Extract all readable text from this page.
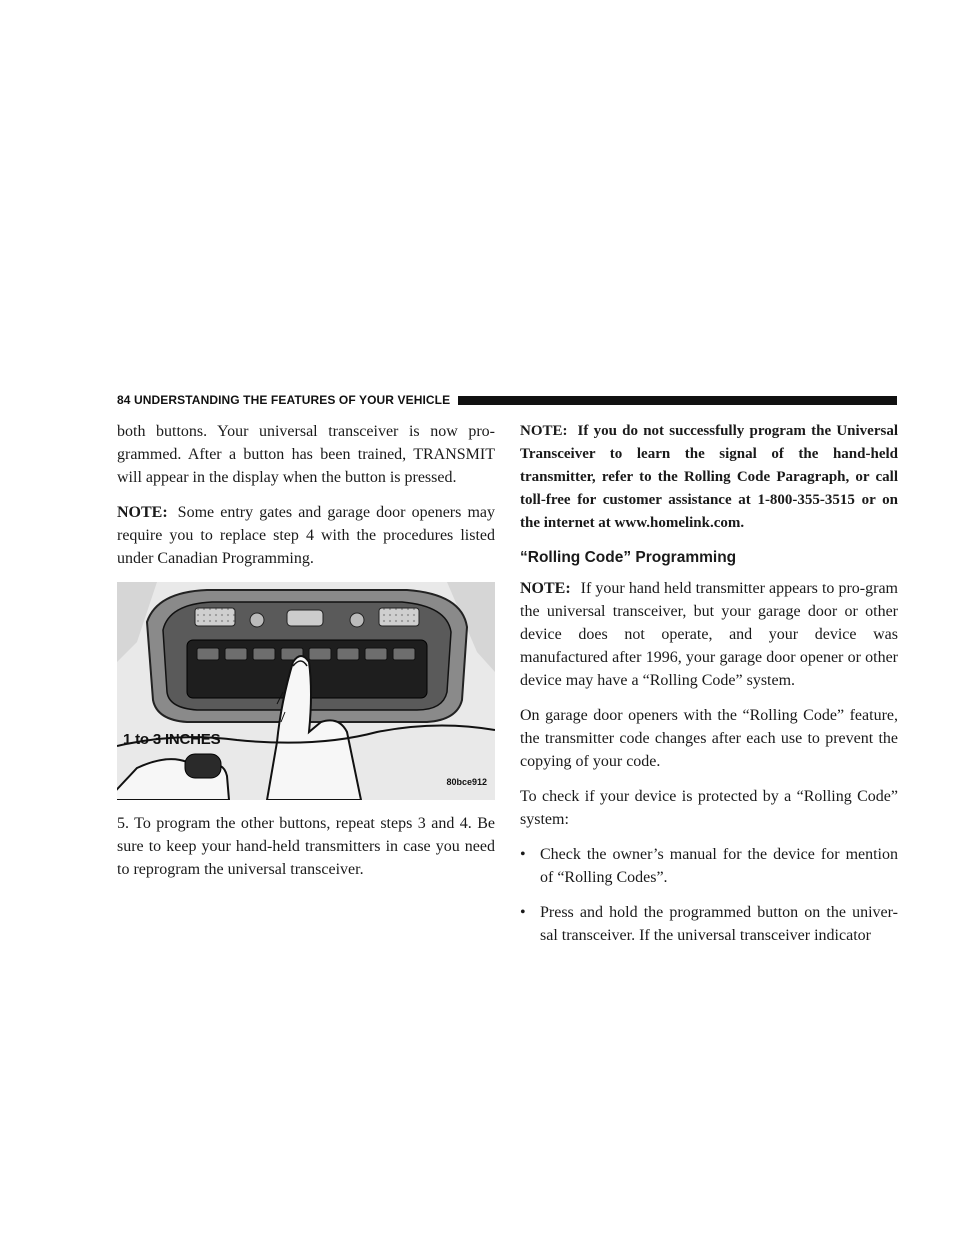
84 UNDERSTANDING THE FEATURES OF YOUR VEHICLE

both buttons. Your universal transceiver is now pro-grammed. After a button has been trained, TRANSMIT will appear in the display when the button is pressed.

NOTE: Some entry gates and garage door openers may require you to replace step 4 with the procedures listed under Canadian Programming.

1 to 3 INCHES
80bce912

5. To program the other buttons, repeat steps 3 and 4. Be sure to keep your hand-held transmitters in case you need to reprogram the universal transceiver.

NOTE: If you do not successfully program the Universal Transceiver to learn the signal of the hand-held transmitter, refer to the Rolling Code Paragraph, or call toll-free for customer assistance at 1-800-355-3515 or on the internet at www.homelink.com.

“Rolling Code” Programming

NOTE: If your hand held transmitter appears to pro-gram the universal transceiver, but your garage door or other device does not operate, and your device was manufactured after 1996, your garage door opener or other device may have a “Rolling Code” system.

On garage door openers with the “Rolling Code” feature, the transmitter code changes after each use to prevent the copying of your code.

To check if your device is protected by a “Rolling Code” system:

• Check the owner’s manual for the device for mention of “Rolling Codes”.
• Press and hold the programmed button on the univer-sal transceiver. If the universal transceiver indicator
